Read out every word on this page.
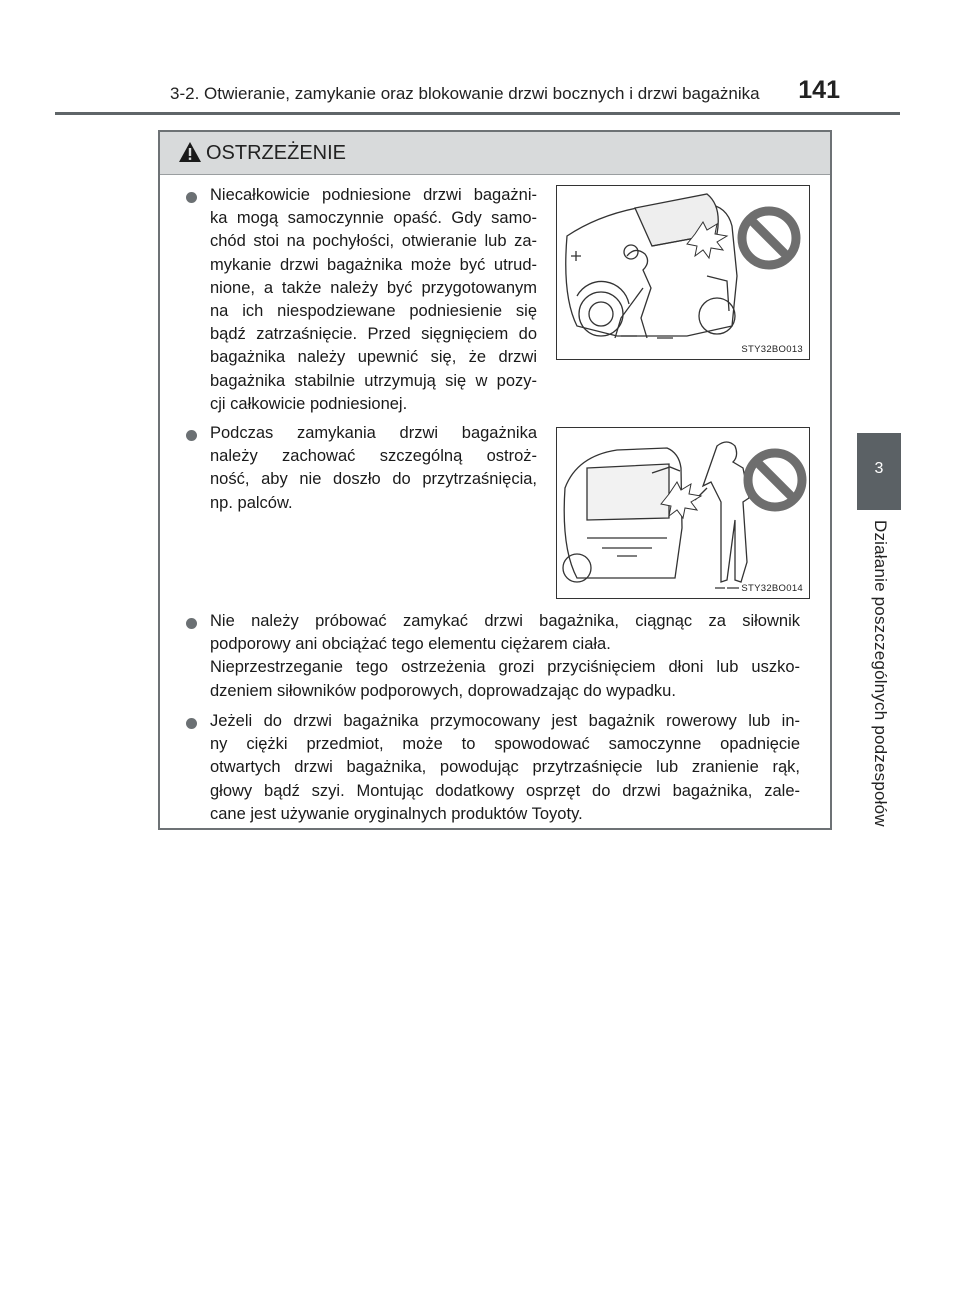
3-2. Otwieranie, zamykanie oraz blokowanie drzwi bocznych i drzwi bagażnika 141
3
Działanie poszczególnych podzespołów
OSTRZEŻENIE
Niecałkowicie podniesione drzwi bagażni-
ka mogą samoczynnie opaść. Gdy samo-
chód stoi na pochyłości, otwieranie lub za-
mykanie drzwi bagażnika może być utrud-
nione, a także należy być przygotowanym
na ich niespodziewane podniesienie się
bądź zatrzaśnięcie. Przed sięgnięciem do
bagażnika należy upewnić się, że drzwi
bagażnika stabilnie utrzymują się w pozy-
cji całkowicie podniesionej.
STY32BO013
Podczas zamykania drzwi bagażnika
należy zachować szczególną ostroż-
ność, aby nie doszło do przytrzaśnięcia,
np. palców.
STY32BO014
Nie należy próbować zamykać drzwi bagażnika, ciągnąc za siłownik
podporowy ani obciążać tego elementu ciężarem ciała.
Nieprzestrzeganie tego ostrzeżenia grozi przyciśnięciem dłoni lub uszko-
dzeniem siłowników podporowych, doprowadzając do wypadku.
Jeżeli do drzwi bagażnika przymocowany jest bagażnik rowerowy lub in-
ny ciężki przedmiot, może to spowodować samoczynne opadnięcie
otwartych drzwi bagażnika, powodując przytrzaśnięcie lub zranienie rąk,
głowy bądź szyi. Montując dodatkowy osprzęt do drzwi bagażnika, zale-
cane jest używanie oryginalnych produktów Toyoty.
